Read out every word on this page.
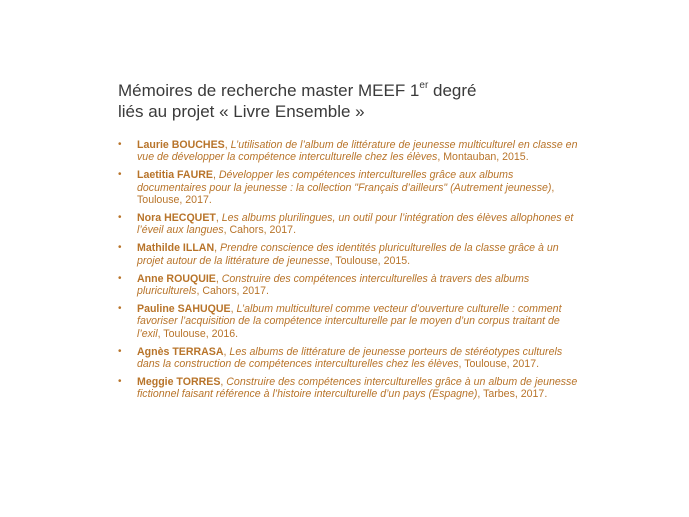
Mémoires de recherche master MEEF 1er degré
liés au projet « Livre Ensemble »
• Laurie BOUCHES, L’utilisation de l’album de littérature de jeunesse multiculturel en classe en vue de développer la compétence interculturelle chez les élèves, Montauban, 2015.
• Laetitia FAURE, Développer les compétences interculturelles grâce aux albums documentaires pour la jeunesse : la collection "Français d’ailleurs" (Autrement jeunesse), Toulouse, 2017.
• Nora HECQUET, Les albums plurilingues, un outil pour l’intégration des élèves allophones et l’éveil aux langues, Cahors, 2017.
• Mathilde ILLAN, Prendre conscience des identités pluriculturelles de la classe grâce à un projet autour de la littérature de jeunesse, Toulouse, 2015.
• Anne ROUQUIE, Construire des compétences interculturelles à travers des albums pluriculturels, Cahors, 2017.
• Pauline SAHUQUE, L’album multiculturel comme vecteur d’ouverture culturelle : comment favoriser l’acquisition de la compétence interculturelle par le moyen d’un corpus traitant de l’exil, Toulouse, 2016.
• Agnès TERRASA, Les albums de littérature de jeunesse porteurs de stéréotypes culturels dans la construction de compétences interculturelles chez les élèves, Toulouse, 2017.
• Meggie TORRES, Construire des compétences interculturelles grâce à un album de jeunesse fictionnel faisant référence à l’histoire interculturelle d’un pays (Espagne), Tarbes, 2017.
